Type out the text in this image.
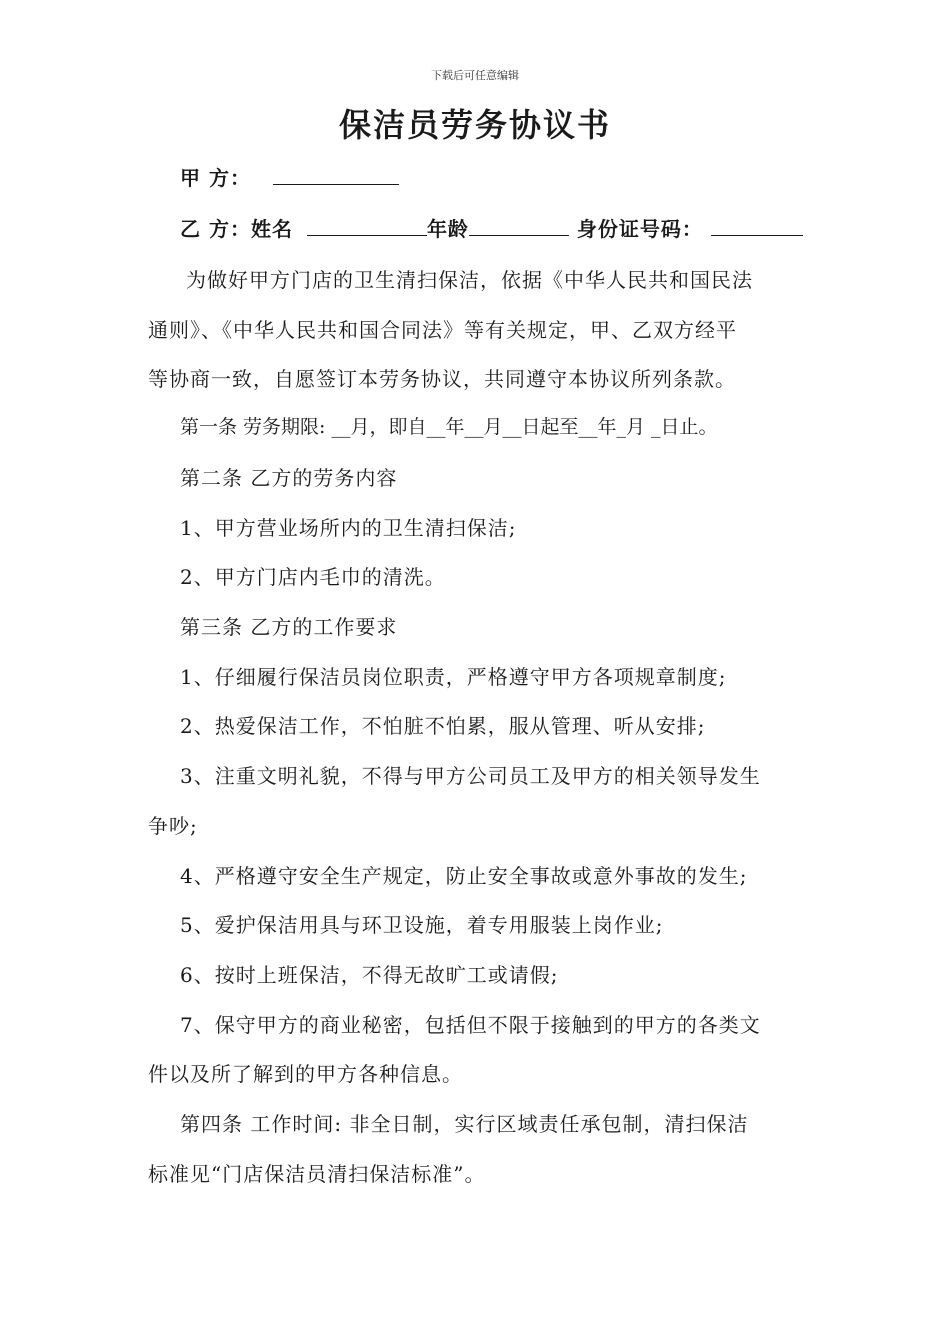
下载后可任意编辑
保洁员劳务协议书
甲 方：
乙 方：姓名	年龄	身份证号码：
为做好甲方门店的卫生清扫保洁，依据《中华人民共和国民法
通则》、《中华人民共和国合同法》等有关规定，甲、乙双方经平
等协商一致，自愿签订本劳务协议，共同遵守本协议所列条款。
第一条 劳务期限: __月，即自__年__月__日起至__年_月 _日止。
第二条 乙方的劳务内容
1、甲方营业场所内的卫生清扫保洁;
2、甲方门店内毛巾的清洗。
第三条 乙方的工作要求
1、仔细履行保洁员岗位职责，严格遵守甲方各项规章制度;
2、热爱保洁工作，不怕脏不怕累，服从管理、听从安排;
3、注重文明礼貌，不得与甲方公司员工及甲方的相关领导发生
争吵;
4、严格遵守安全生产规定，防止安全事故或意外事故的发生;
5、爱护保洁用具与环卫设施，着专用服装上岗作业;
6、按时上班保洁，不得无故旷工或请假;
7、保守甲方的商业秘密，包括但不限于接触到的甲方的各类文
件以及所了解到的甲方各种信息。
第四条 工作时间: 非全日制，实行区域责任承包制，清扫保洁
标准见“门店保洁员清扫保洁标准”。
